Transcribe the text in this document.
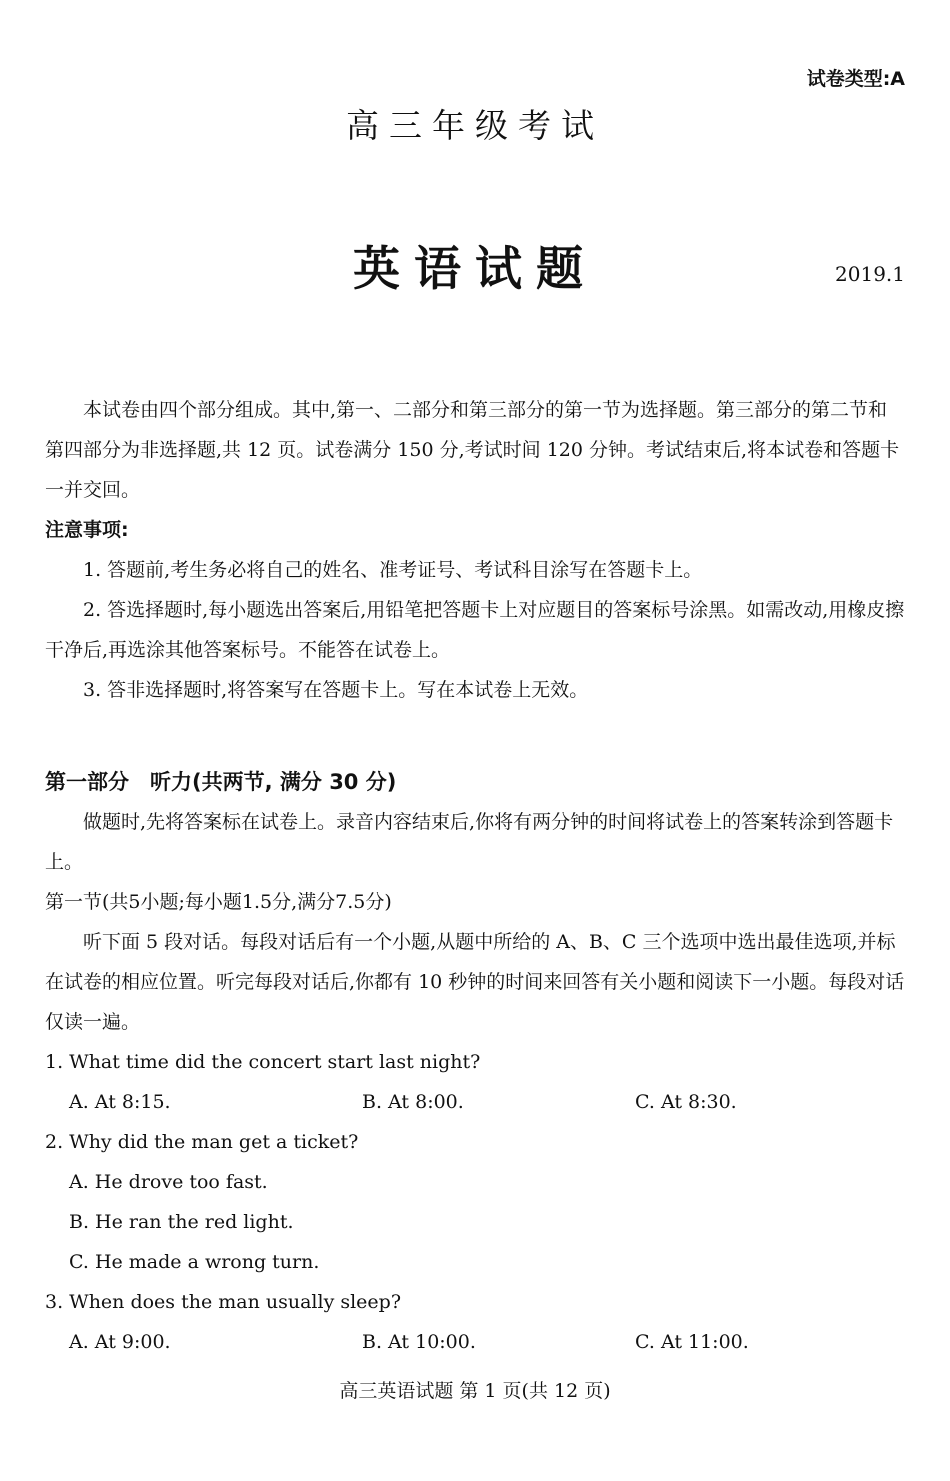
试卷类型:A
高三年级考试
英语试题	2019.1

本试卷由四个部分组成。其中,第一、二部分和第三部分的第一节为选择题。第三部分的第二节和第四部分为非选择题,共 12 页。试卷满分 150 分,考试时间 120 分钟。考试结束后,将本试卷和答题卡一并交回。

注意事项:

1. 答题前,考生务必将自己的姓名、准考证号、考试科目涂写在答题卡上。

2. 答选择题时,每小题选出答案后,用铅笔把答题卡上对应题目的答案标号涂黑。如需改动,用橡皮擦干净后,再选涂其他答案标号。不能答在试卷上。

3. 答非选择题时,将答案写在答题卡上。写在本试卷上无效。

第一部分　听力(共两节, 满分 30 分)

做题时,先将答案标在试卷上。录音内容结束后,你将有两分钟的时间将试卷上的答案转涂到答题卡上。

第一节(共5小题;每小题1.5分,满分7.5分)

听下面 5 段对话。每段对话后有一个小题,从题中所给的 A、B、C 三个选项中选出最佳选项,并标在试卷的相应位置。听完每段对话后,你都有 10 秒钟的时间来回答有关小题和阅读下一小题。每段对话仅读一遍。

1. What time did the concert start last night?

A. At 8:15.	B. At 8:00.	C. At 8:30.

2. Why did the man get a ticket?

A. He drove too fast.
B. He ran the red light.
C. He made a wrong turn.

3. When does the man usually sleep?

A. At 9:00.	B. At 10:00.	C. At 11:00.
高三英语试题 第 1 页(共 12 页)
